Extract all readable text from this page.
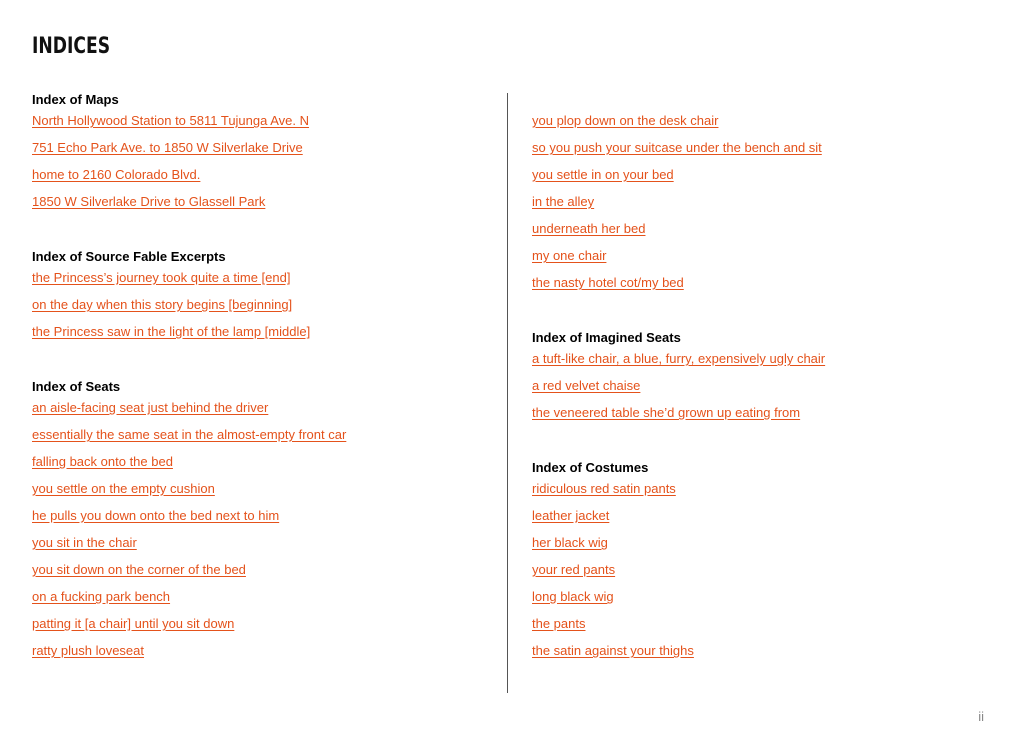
INDICES
Index of Maps
North Hollywood Station to 5811 Tujunga Ave. N
751 Echo Park Ave. to 1850 W Silverlake Drive
home to 2160 Colorado Blvd.
1850 W Silverlake Drive to Glassell Park
Index of Source Fable Excerpts
the Princess’s journey took quite a time [end]
on the day when this story begins [beginning]
the Princess saw in the light of the lamp [middle]
Index of Seats
an aisle-facing seat just behind the driver
essentially the same seat in the almost-empty front car
falling back onto the bed
you settle on the empty cushion
he pulls you down onto the bed next to him
you sit in the chair
you sit down on the corner of the bed
on a fucking park bench
patting it [a chair] until you sit down
ratty plush loveseat
you plop down on the desk chair
so you push your suitcase under the bench and sit
you settle in on your bed
in the alley
underneath her bed
my one chair
the nasty hotel cot/my bed
Index of Imagined Seats
a tuft-like chair, a blue, furry, expensively ugly chair
a red velvet chaise
the veneered table she’d grown up eating from
Index of Costumes
ridiculous red satin pants
leather jacket
her black wig
your red pants
long black wig
the pants
the satin against your thighs
ii
